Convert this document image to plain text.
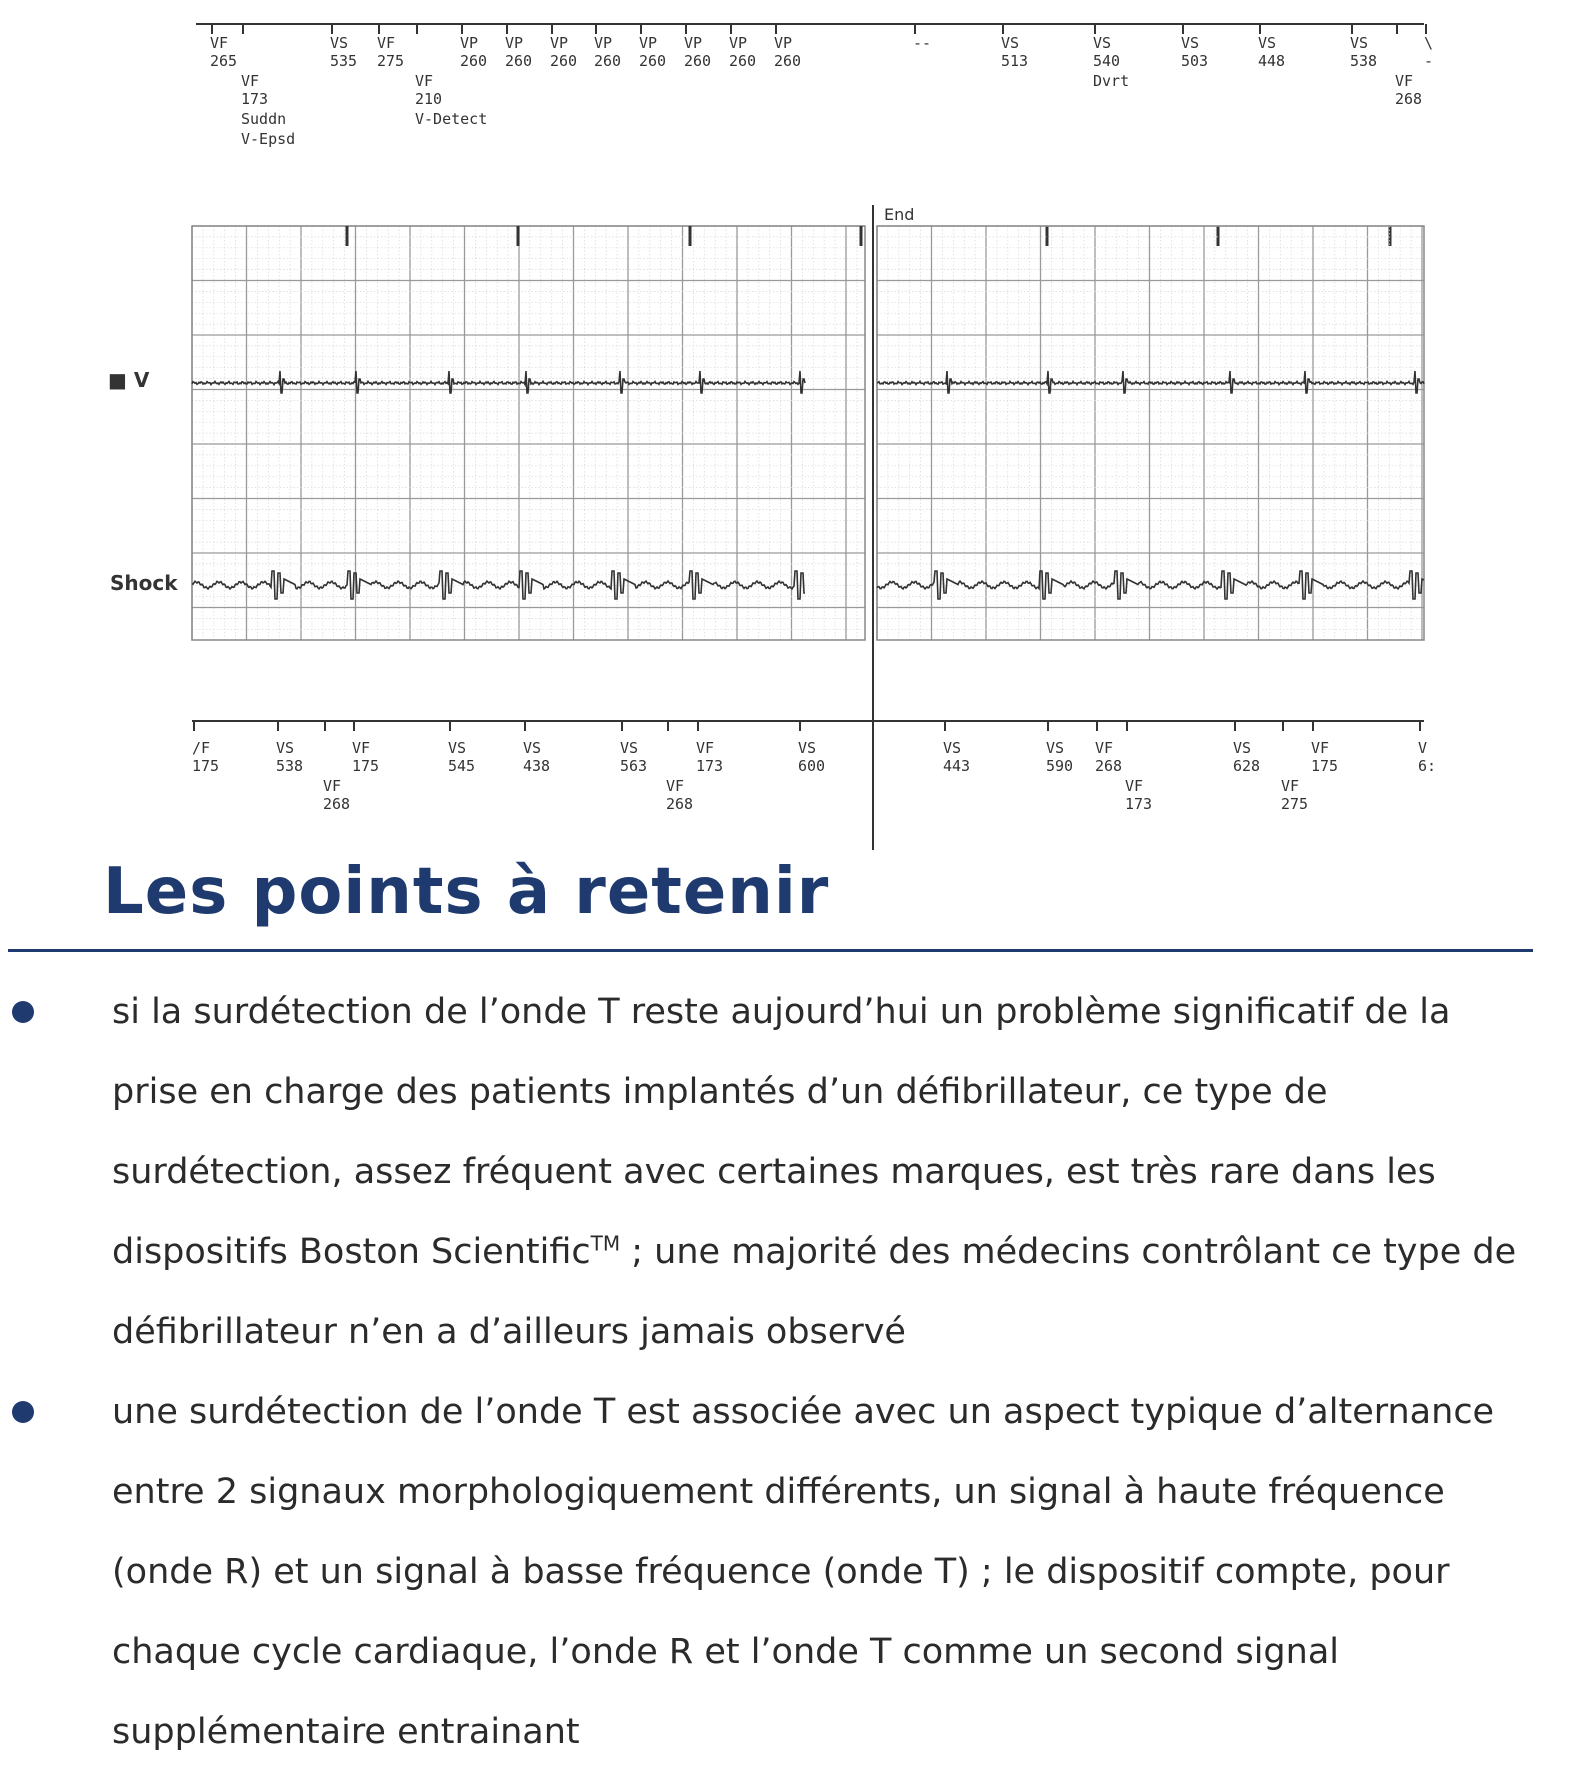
VF
265
VF
173
Suddn
V-Epsd
VS
535
VF
275
VF
210
V-Detect
VP
260
VP
260
VP
260
VP
260
VP
260
VP
260
VP
260
VP
260
--	VS
513
VS
540
Dvrt
VS
503
VS
448
VS
538
VF
268
\
-
■ V
Shock
End
/F
175
VS
538
VF
268
VF
175
VS
545
VS
438
VS
563
VF
268
VF
173
VS
600
VS
443
VS
590
VF
268
VF
173
VS
628
VF
275
VF
175
V
6:
Les points à retenir
si la surdétection de l’onde T reste aujourd’hui un problème significatif de la prise en charge des patients implantés d’un défibrillateur, ce type de surdétection, assez fréquent avec certaines marques, est très rare dans les dispositifs Boston Scientific™ ; une majorité des médecins contrôlant ce type de défibrillateur n’en a d’ailleurs jamais observé
une surdétection de l’onde T est associée avec un aspect typique d’alternance entre 2 signaux morphologiquement différents, un signal à haute fréquence (onde R) et un signal à basse fréquence (onde T) ; le dispositif compte, pour chaque cycle cardiaque, l’onde R et l’onde T comme un second signal supplémentaire entrainant
